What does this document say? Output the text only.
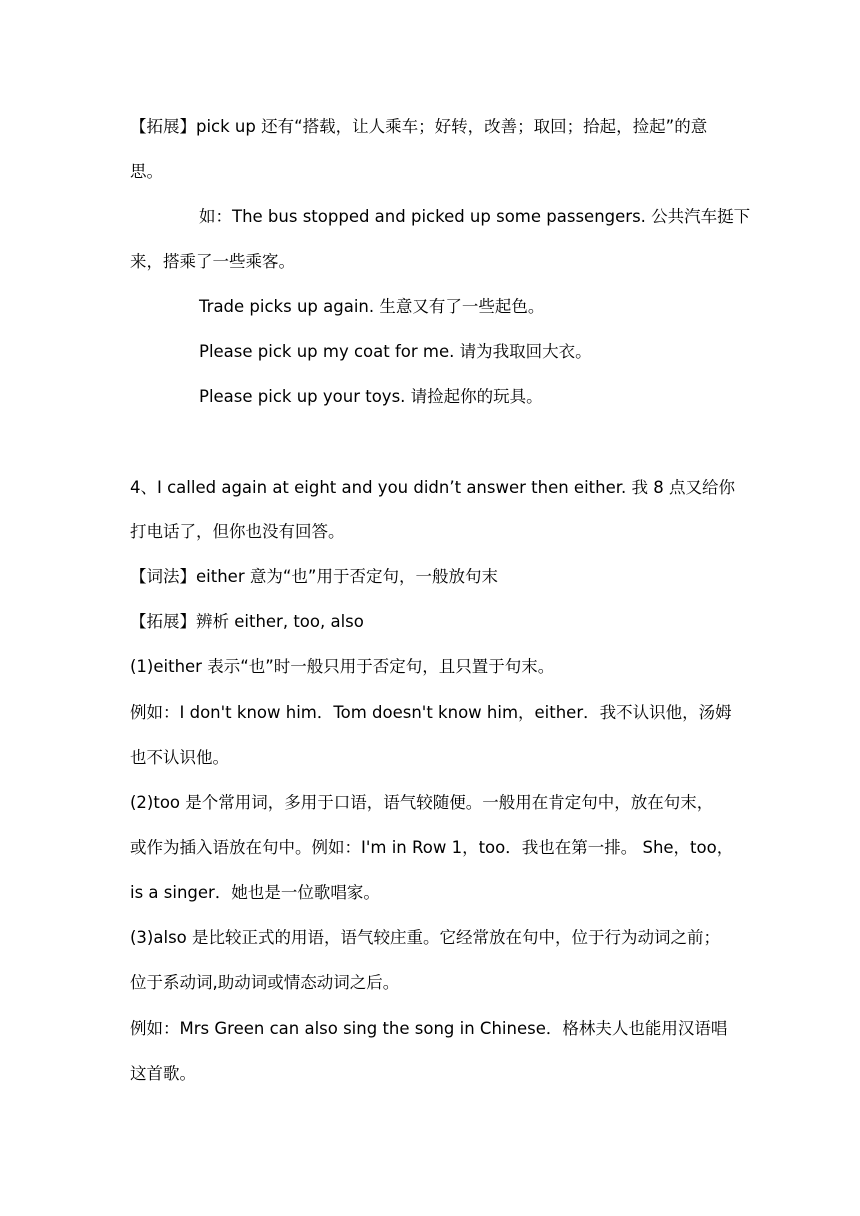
【拓展】pick up 还有“搭载，让人乘车；好转，改善；取回；拾起，捡起”的意
思。
如：The bus stopped and picked up some passengers. 公共汽车挺下
来，搭乘了一些乘客。
Trade picks up again. 生意又有了一些起色。
Please pick up my coat for me. 请为我取回大衣。
Please pick up your toys. 请捡起你的玩具。
4、I called again at eight and you didn’t answer then either. 我 8 点又给你
打电话了，但你也没有回答。
【词法】either 意为“也”用于否定句，一般放句末
【拓展】辨析 either, too, also
(1)either 表示“也”时一般只用于否定句，且只置于句末。
例如：I don't know him．Tom doesn't know him，either．我不认识他，汤姆
也不认识他。
(2)too 是个常用词，多用于口语，语气较随便。一般用在肯定句中，放在句末，
或作为插入语放在句中。例如：I'm in Row 1，too．我也在第一排。 She，too，
is a singer．她也是一位歌唱家。
(3)also 是比较正式的用语，语气较庄重。它经常放在句中，位于行为动词之前；
位于系动词,助动词或情态动词之后。
例如：Mrs Green can also sing the song in Chinese．格林夫人也能用汉语唱
这首歌。
